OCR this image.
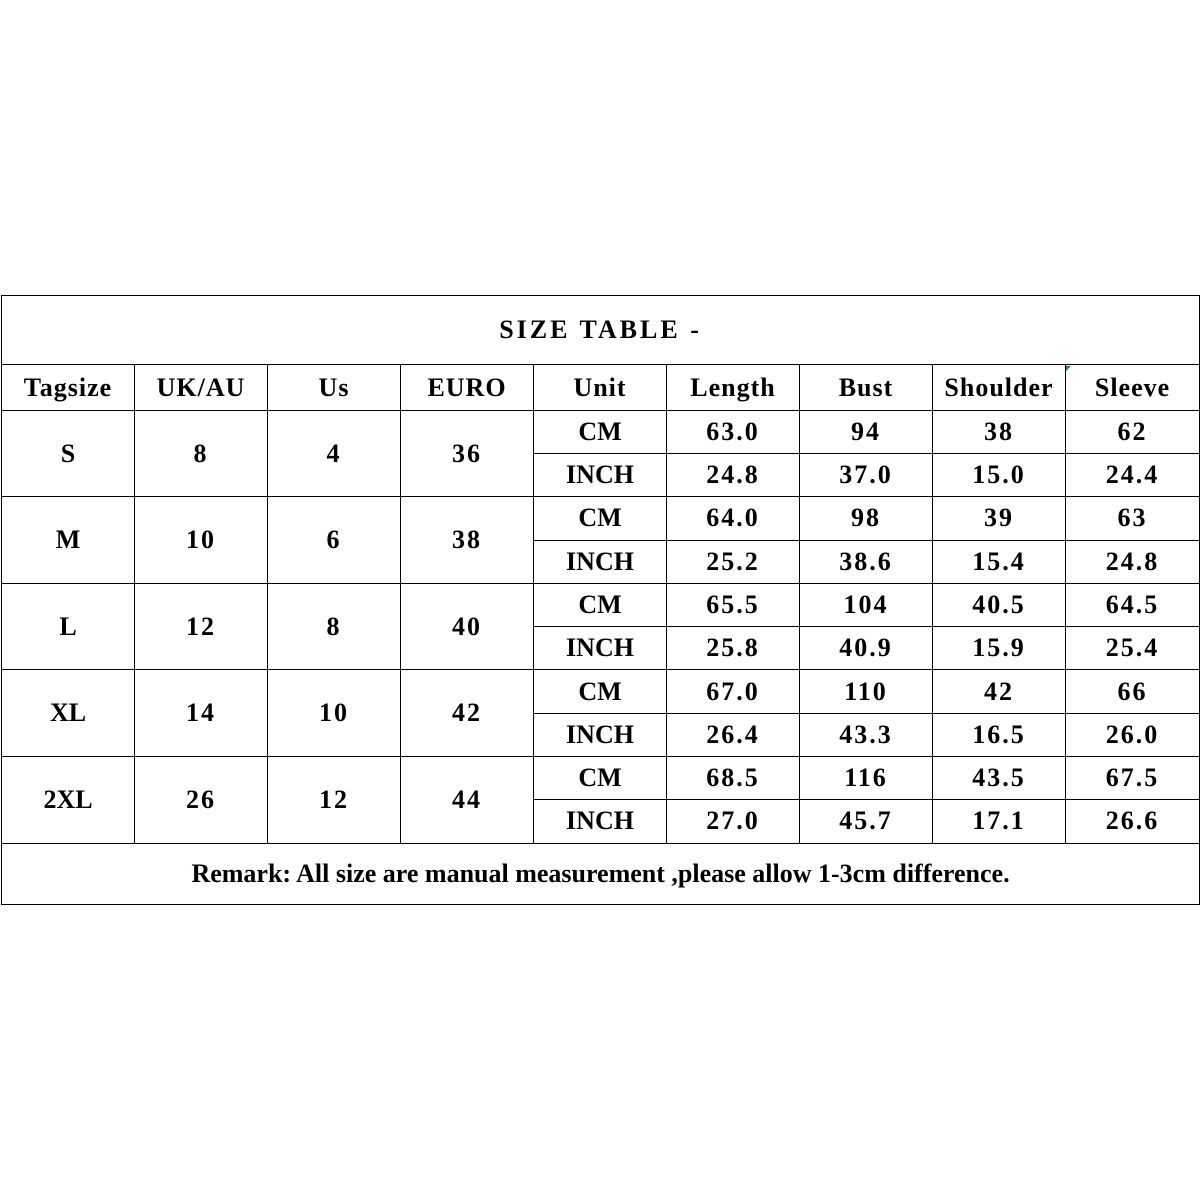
SIZE TABLE -								
Tagsize	UK/AU	Us	EURO	Unit	Length	Bust	Shoulder	Sleeve
S	8	4	36	CM	63.0	94	38	62
				INCH	24.8	37.0	15.0	24.4
M	10	6	38	CM	64.0	98	39	63
				INCH	25.2	38.6	15.4	24.8
L	12	8	40	CM	65.5	104	40.5	64.5
				INCH	25.8	40.9	15.9	25.4
XL	14	10	42	CM	67.0	110	42	66
				INCH	26.4	43.3	16.5	26.0
2XL	26	12	44	CM	68.5	116	43.5	67.5
				INCH	27.0	45.7	17.1	26.6
Remark: All size are manual measurement ,please allow 1-3cm difference.								
